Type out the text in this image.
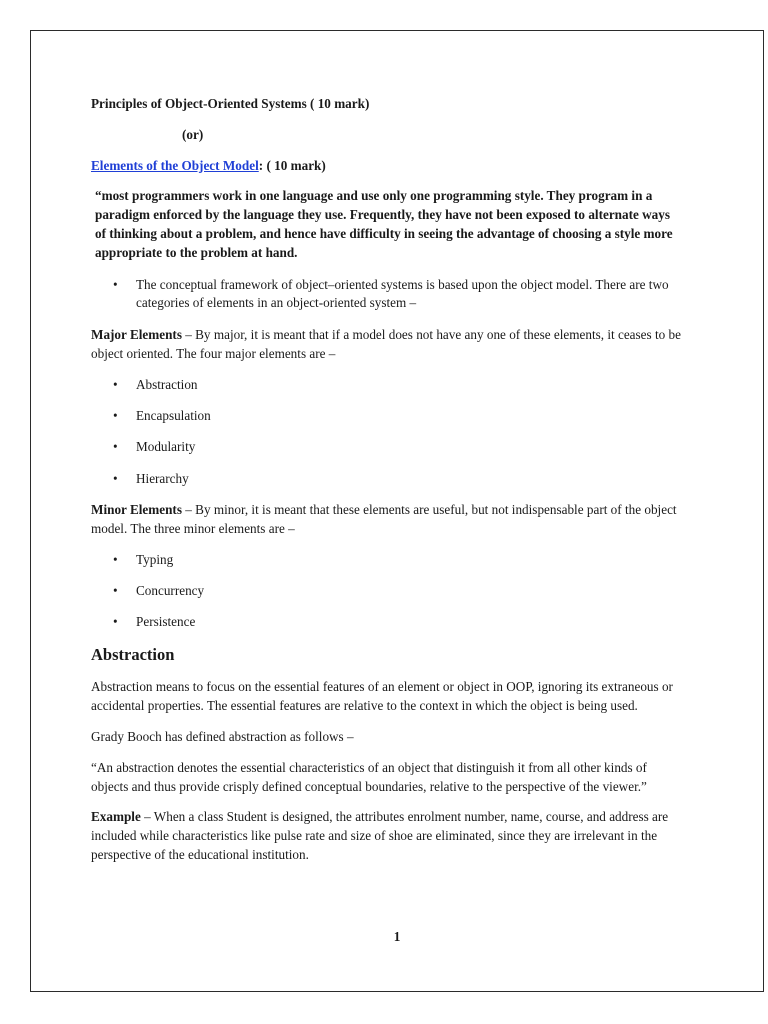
Principles of Object-Oriented Systems ( 10 mark)

(or)

Elements of the Object Model: ( 10 mark)

“most programmers work in one language and use only one programming style. They program in a paradigm enforced by the language they use. Frequently, they have not been exposed to alternate ways of thinking about a problem, and hence have difficulty in seeing the advantage of choosing a style more appropriate to the problem at hand.

• The conceptual framework of object–oriented systems is based upon the object model. There are two categories of elements in an object-oriented system –

Major Elements – By major, it is meant that if a model does not have any one of these elements, it ceases to be object oriented. The four major elements are –

• Abstraction
• Encapsulation
• Modularity
• Hierarchy

Minor Elements – By minor, it is meant that these elements are useful, but not indispensable part of the object model. The three minor elements are –

• Typing
• Concurrency
• Persistence
Abstraction

Abstraction means to focus on the essential features of an element or object in OOP, ignoring its extraneous or accidental properties. The essential features are relative to the context in which the object is being used.

Grady Booch has defined abstraction as follows –

“An abstraction denotes the essential characteristics of an object that distinguish it from all other kinds of objects and thus provide crisply defined conceptual boundaries, relative to the perspective of the viewer.”

Example – When a class Student is designed, the attributes enrolment number, name, course, and address are included while characteristics like pulse rate and size of shoe are eliminated, since they are irrelevant in the perspective of the educational institution.

1
